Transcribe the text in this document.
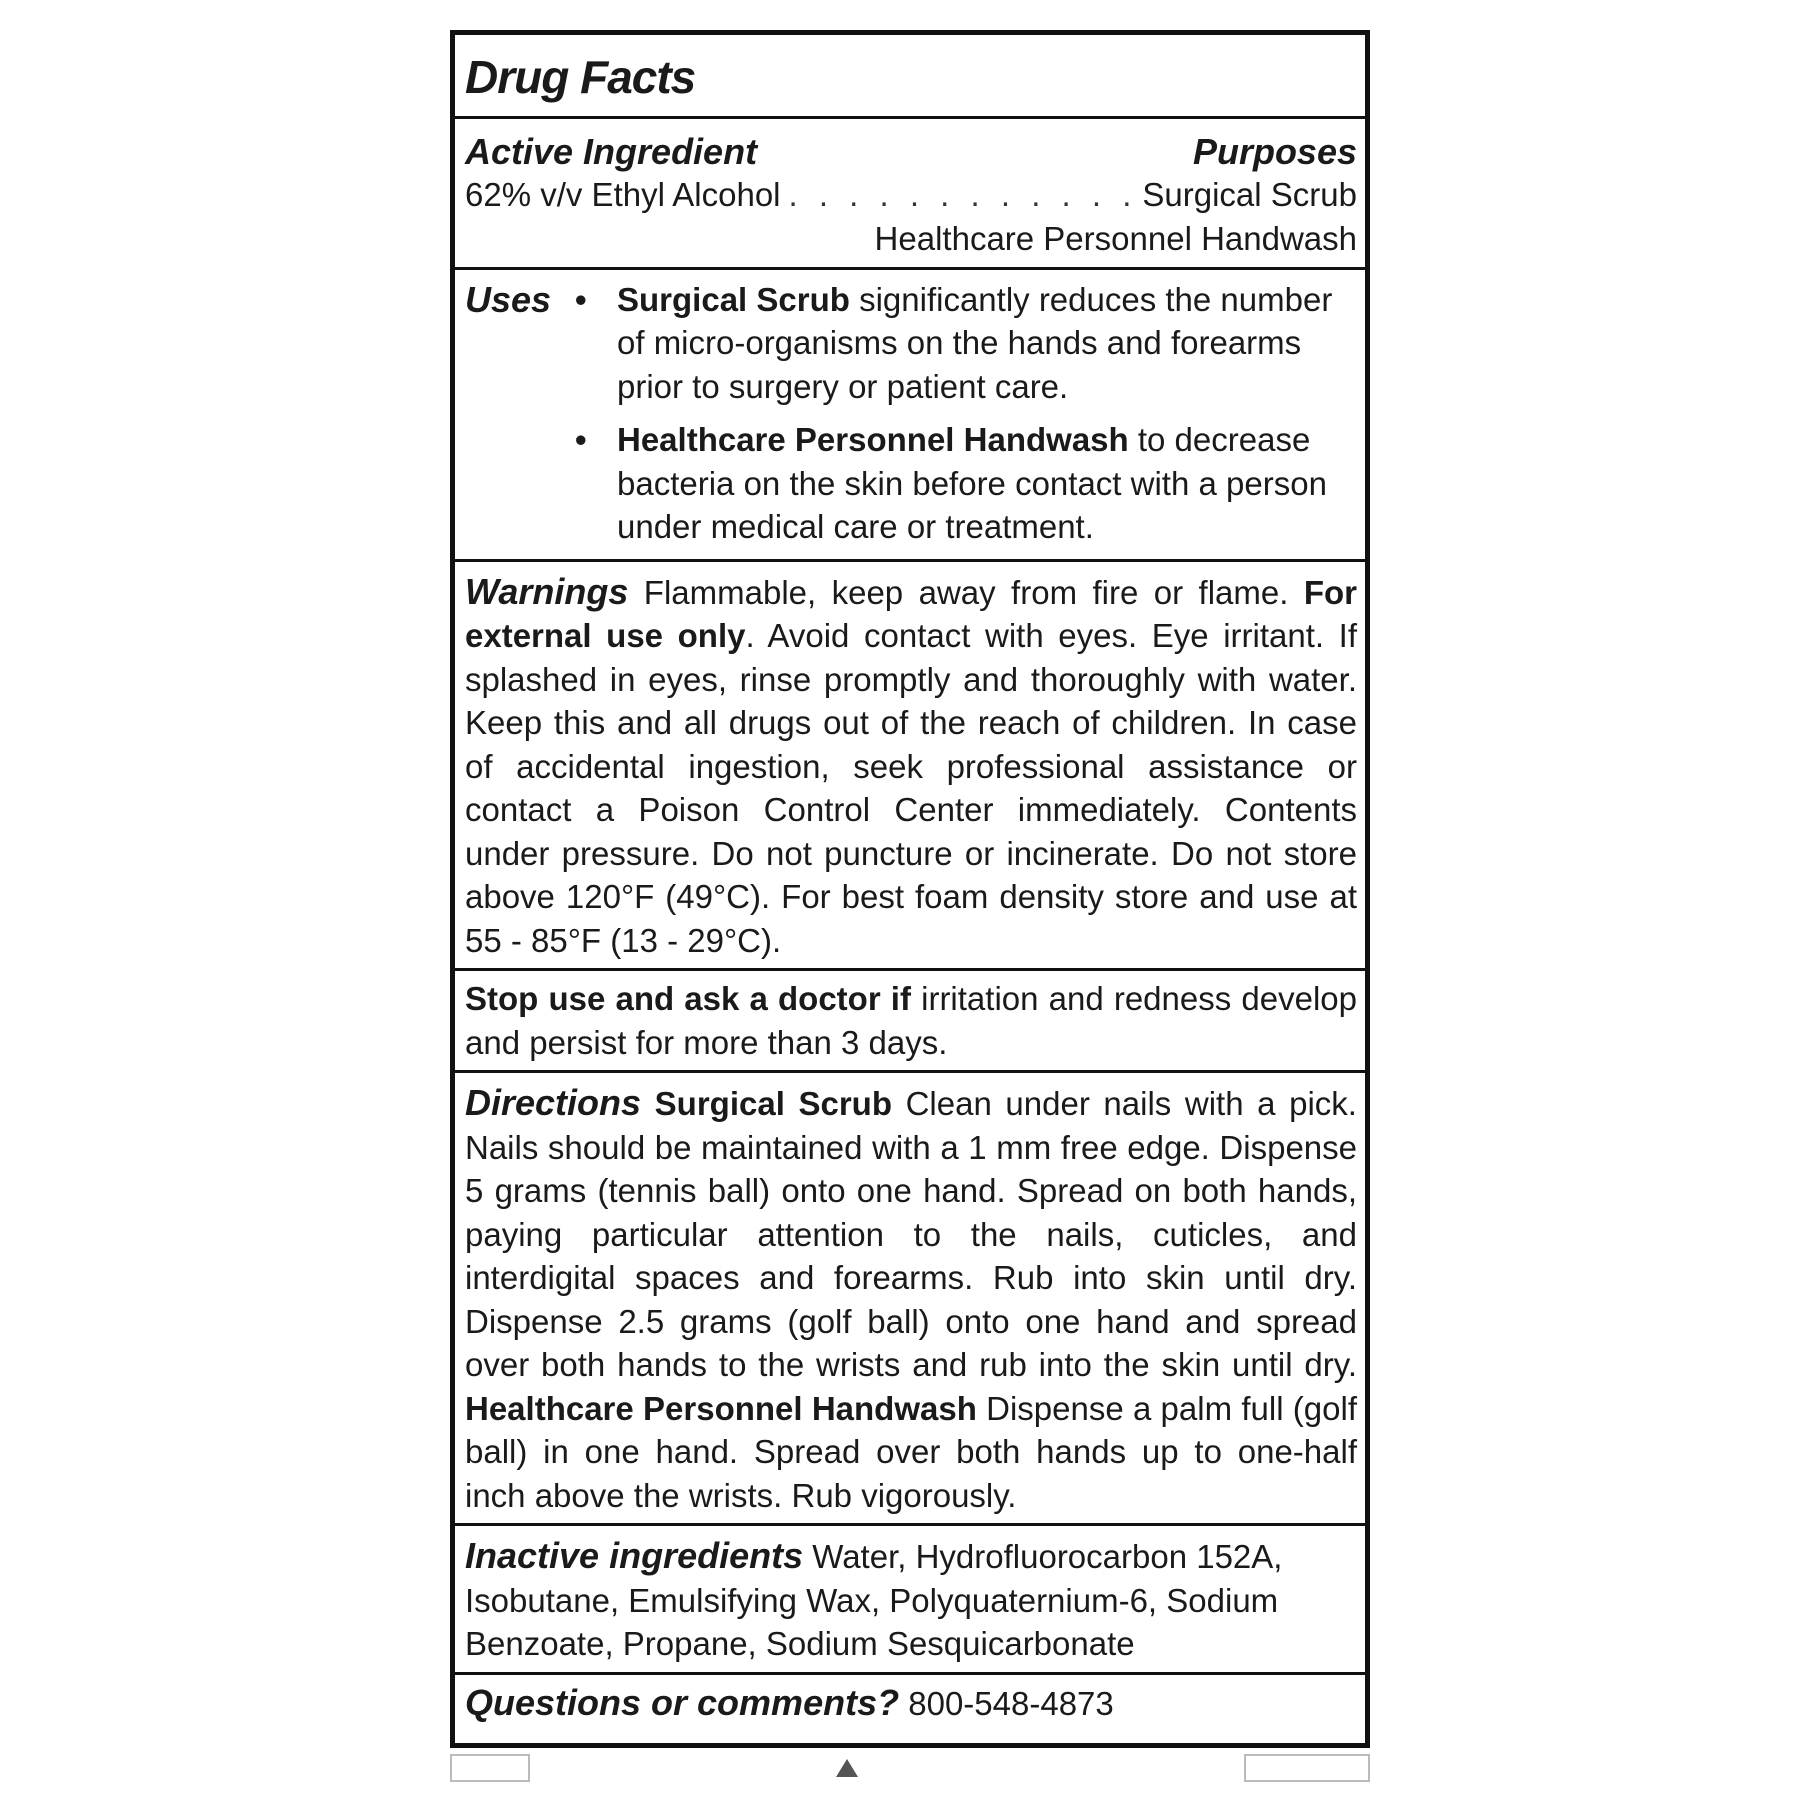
Drug Facts
Active Ingredient	Purposes
62% v/v Ethyl Alcohol
. . .	Surgical Scrub
Healthcare Personnel Handwash
Uses • Surgical Scrub significantly reduces the number of micro-organisms on the hands and forearms prior to surgery or patient care.
• Healthcare Personnel Handwash to decrease bacteria on the skin before contact with a person under medical care or treatment.
Warnings Flammable, keep away from fire or flame. For external use only. Avoid contact with eyes. Eye irritant. If splashed in eyes, rinse promptly and thoroughly with water. Keep this and all drugs out of the reach of children. In case of accidental ingestion, seek professional assistance or contact a Poison Control Center immediately. Contents under pressure. Do not puncture or incinerate. Do not store above 120°F (49°C). For best foam density store and use at 55 - 85°F (13 - 29°C).
Stop use and ask a doctor if irritation and redness develop and persist for more than 3 days.
Directions Surgical Scrub Clean under nails with a pick. Nails should be maintained with a 1 mm free edge. Dispense 5 grams (tennis ball) onto one hand. Spread on both hands, paying particular attention to the nails, cuticles, and interdigital spaces and forearms. Rub into skin until dry. Dispense 2.5 grams (golf ball) onto one hand and spread over both hands to the wrists and rub into the skin until dry. Healthcare Personnel Handwash Dispense a palm full (golf ball) in one hand. Spread over both hands up to one-half inch above the wrists. Rub vigorously.
Inactive ingredients Water, Hydrofluorocarbon 152A, Isobutane, Emulsifying Wax, Polyquaternium-6, Sodium Benzoate, Propane, Sodium Sesquicarbonate
Questions or comments? 800-548-4873
